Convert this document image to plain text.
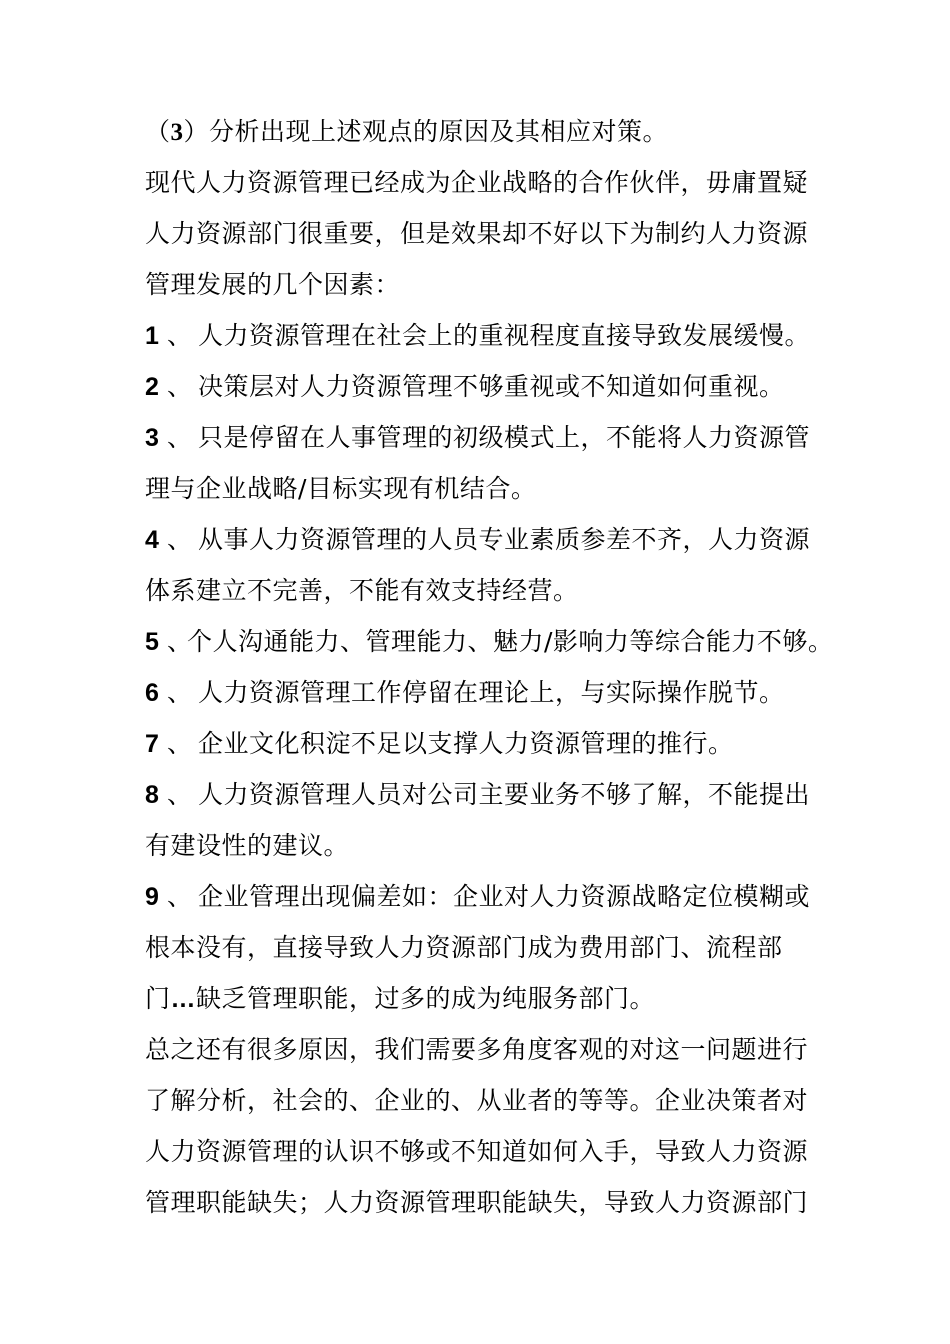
（3）分析出现上述观点的原因及其相应对策。
现代人力资源管理已经成为企业战略的合作伙伴，毋庸置疑
人力资源部门很重要，但是效果却不好以下为制约人力资源
管理发展的几个因素：
1 、 人力资源管理在社会上的重视程度直接导致发展缓慢。
2 、 决策层对人力资源管理不够重视或不知道如何重视。
3 、 只是停留在人事管理的初级模式上，不能将人力资源管
理与企业战略/目标实现有机结合。
4 、 从事人力资源管理的人员专业素质参差不齐，人力资源
体系建立不完善，不能有效支持经营。
5 、个人沟通能力、管理能力、魅力/影响力等综合能力不够。
6 、 人力资源管理工作停留在理论上，与实际操作脱节。
7 、 企业文化积淀不足以支撑人力资源管理的推行。
8 、 人力资源管理人员对公司主要业务不够了解，不能提出
有建设性的建议。
9 、 企业管理出现偏差如：企业对人力资源战略定位模糊或
根本没有，直接导致人力资源部门成为费用部门、流程部
门…缺乏管理职能，过多的成为纯服务部门。
总之还有很多原因，我们需要多角度客观的对这一问题进行
了解分析，社会的、企业的、从业者的等等。企业决策者对
人力资源管理的认识不够或不知道如何入手，导致人力资源
管理职能缺失；人力资源管理职能缺失，导致人力资源部门
